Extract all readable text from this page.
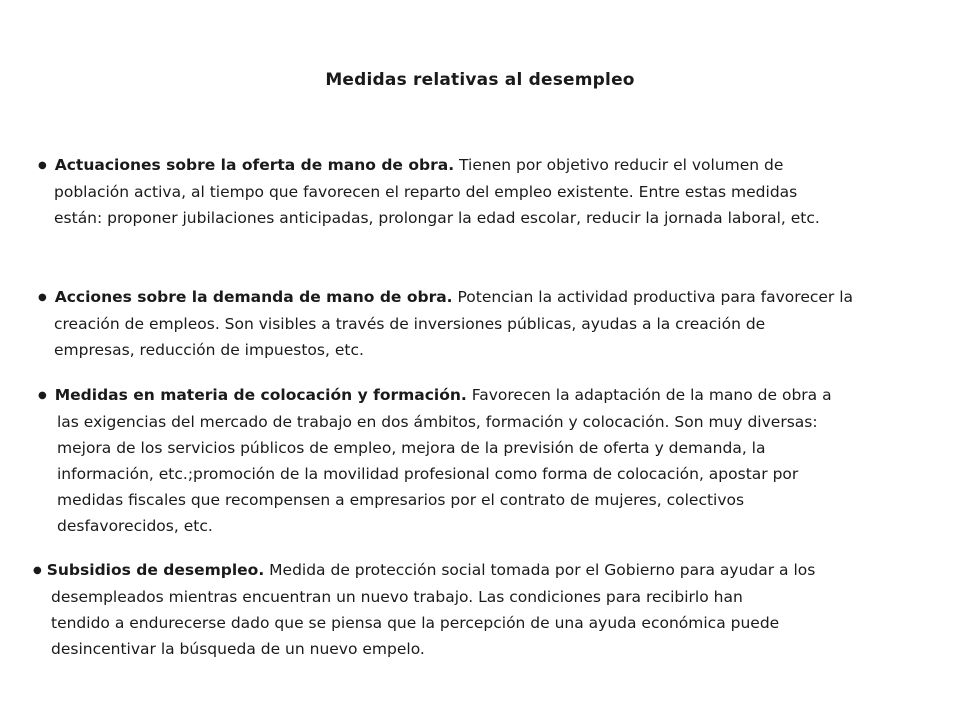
Medidas relativas al desempleo
● Actuaciones sobre la oferta de mano de obra. Tienen por objetivo reducir el volumen de
población activa, al tiempo que favorecen el reparto del empleo existente. Entre estas medidas
están: proponer jubilaciones anticipadas, prolongar la edad escolar, reducir la jornada laboral, etc.
● Acciones sobre la demanda de mano de obra. Potencian la actividad productiva para favorecer la
creación de empleos. Son visibles a través de inversiones públicas, ayudas a la creación de
empresas, reducción de impuestos, etc.
● Medidas en materia de colocación y formación. Favorecen la adaptación de la mano de obra a
las exigencias del mercado de trabajo en dos ámbitos, formación y colocación. Son muy diversas:
mejora de los servicios públicos de empleo, mejora de la previsión de oferta y demanda, la
información, etc.;promoción de la movilidad profesional como forma de colocación, apostar por
medidas fiscales que recompensen a empresarios por el contrato de mujeres, colectivos
desfavorecidos, etc.
● Subsidios de desempleo. Medida de protección social tomada por el Gobierno para ayudar a los
desempleados mientras encuentran un nuevo trabajo. Las condiciones para recibirlo han
tendido a endurecerse dado que se piensa que la percepción de una ayuda económica puede
desincentivar la búsqueda de un nuevo empelo.
